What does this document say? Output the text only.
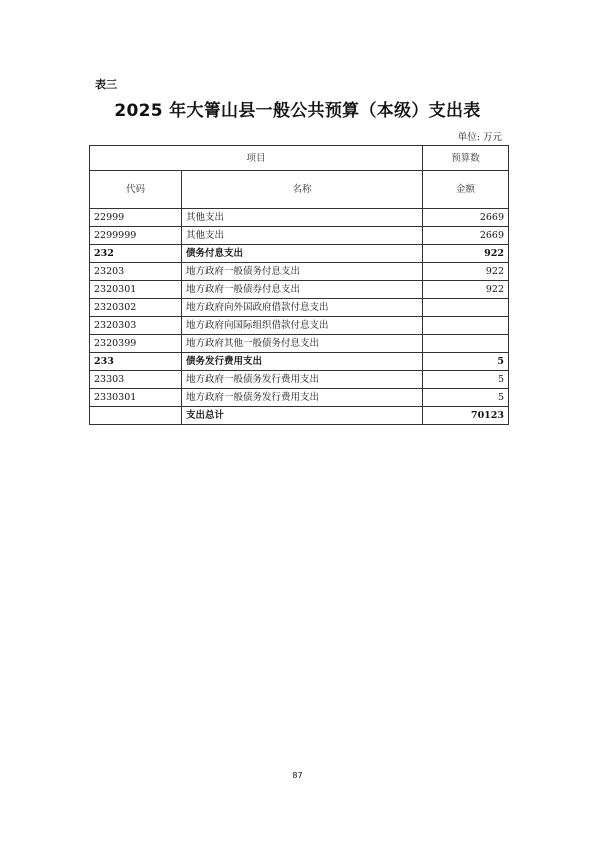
表三
2025 年大箐山县一般公共预算（本级）支出表
单位: 万元
项目		预算数
代码	名称	金额
22999	其他支出	2669
2299999	其他支出	2669
232	债务付息支出	922
23203	地方政府一般债务付息支出	922
2320301	地方政府一般债券付息支出	922
2320302	地方政府向外国政府借款付息支出	
2320303	地方政府向国际组织借款付息支出	
2320399	地方政府其他一般债务付息支出	
233	债务发行费用支出	5
23303	地方政府一般债务发行费用支出	5
2330301	地方政府一般债务发行费用支出	5
	支出总计	70123
87
